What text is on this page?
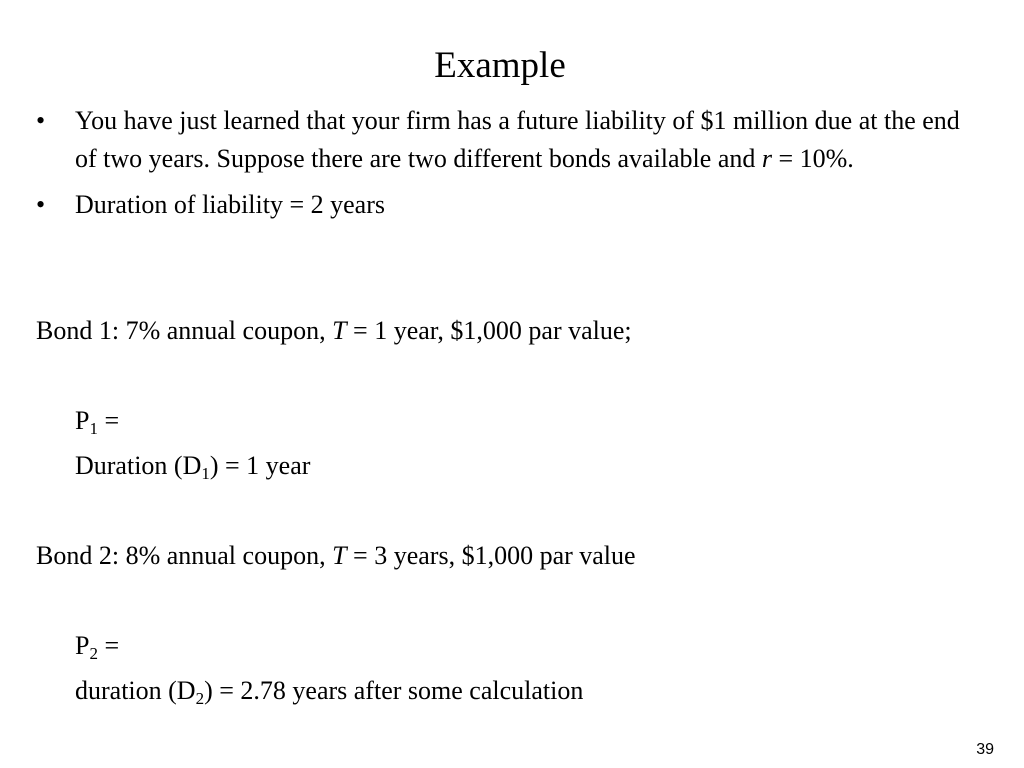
Example
•	You have just learned that your firm has a future liability of $1 million due at the end of two years. Suppose there are two different bonds available and r = 10%.
•	Duration of liability = 2 years
Bond 1: 7% annual coupon, T = 1 year, $1,000 par value;
$P_1$ =
Duration $(D_1) = 1$ year
Bond 2: 8% annual coupon, T = 3 years, $1,000 par value
$P_2$ =
duration $(D_2) = 2.78$ years after some calculation
39
